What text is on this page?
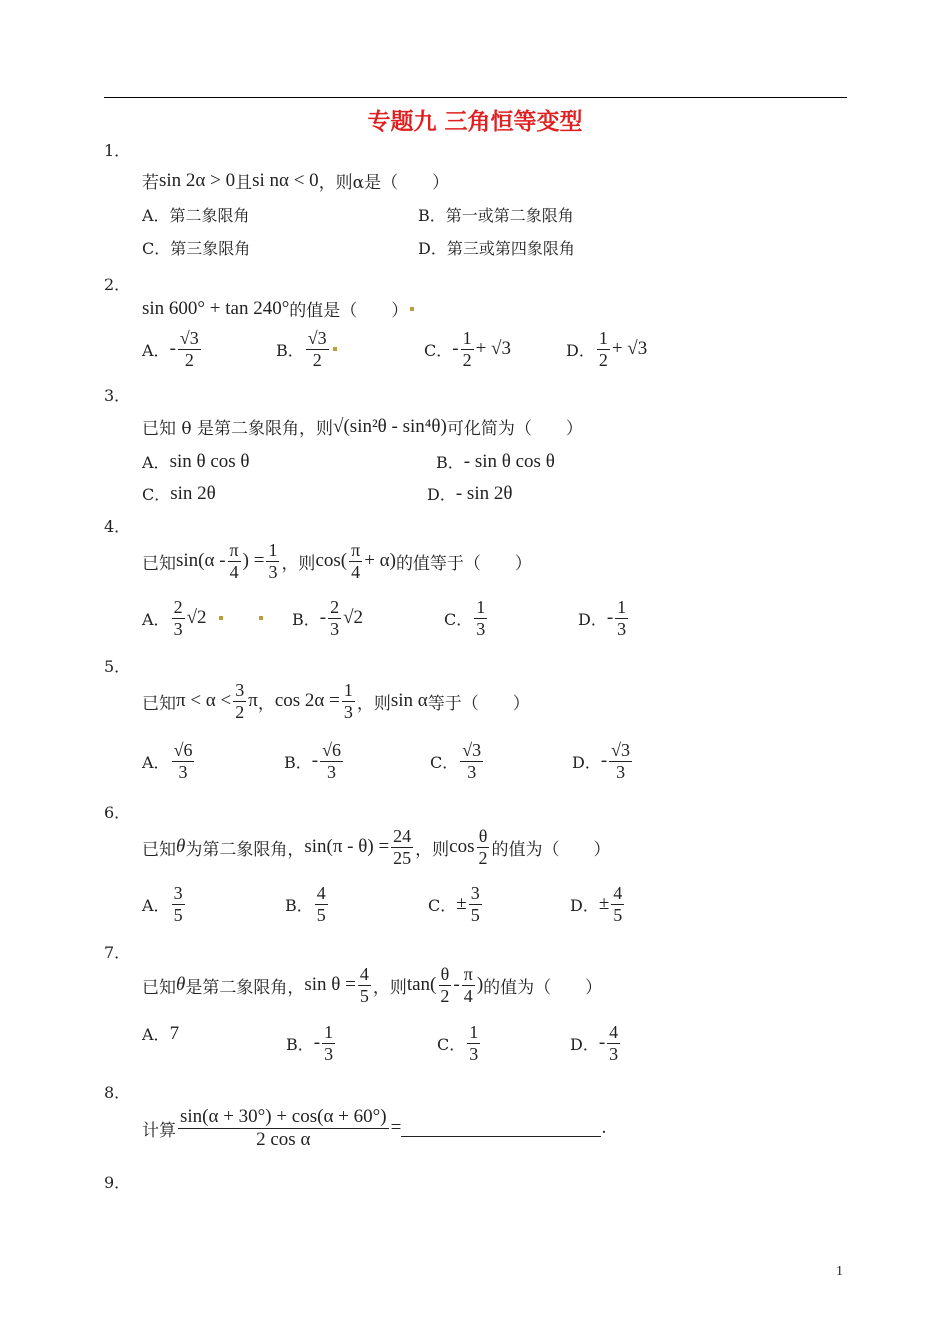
专题九 三角恒等变型
1．
若 sin 2α > 0 且 si nα < 0 ，则α是（　　）
A．第二象限角	B．第一或第二象限角
C．第三象限角	D．第三或第四象限角
2．
sin 600° + tan 240° 的值是（　　）
A． - $\frac{√3}{2}$	B． $\frac{√3}{2}$	C． - $\frac{1}{2} + √3$	D． $\frac{1}{2} + √3$
3．
已知 θ 是第二象限角，则 √(sin²θ - sin⁴θ) 可化简为（　　）
A． sin θ cos θ	B． - sin θ cos θ
C． sin 2θ	D． - sin 2θ
4．
已知 $\sin(\alpha - \frac{\pi}{4}$ ) = $\frac{1}{3}$ ，则 $\cos( \frac{\pi}{4} + \alpha)$ 的值等于（　　）
A． $\frac{2}{3} √2$	B． - $\frac{2}{3} √2$	C． $\frac{1}{3}$	D． - $\frac{1}{3}$
5．
已知 $\pi < \alpha < \frac{3}{2}$ π ， $\cos 2\alpha = \frac{1}{3}$ ，则 sin α 等于（　　）
A． $\frac{√6}{3}$	B． - $\frac{√6}{3}$	C． $\frac{√3}{3}$	D． - $\frac{√3}{3}$
6．
已知 θ 为第二象限角， $\sin(\pi - \theta) = \frac{24}{25}$ ，则 $\cos \frac{\theta}{2}$ 的值为（　　）
A． $\frac{3}{5}$	B． $\frac{4}{5}$	C． ± $\frac{3}{5}$	D． ± $\frac{4}{5}$
7．
已知 θ 是第二象限角， $\sin \theta = \frac{4}{5}$ ，则 $\tan( \frac{\theta}{2} - \frac{\pi}{4}$ ) 的值为（　　）
A． 7
B． - $\frac{1}{3}$	C． $\frac{1}{3}$	D． - $\frac{4}{3}$
8．
计算 $\frac{\sin(\alpha + 30^\circ) + \cos(\alpha + 60^\circ)}{\text{2 cos α}}$ =	.
9．
1
